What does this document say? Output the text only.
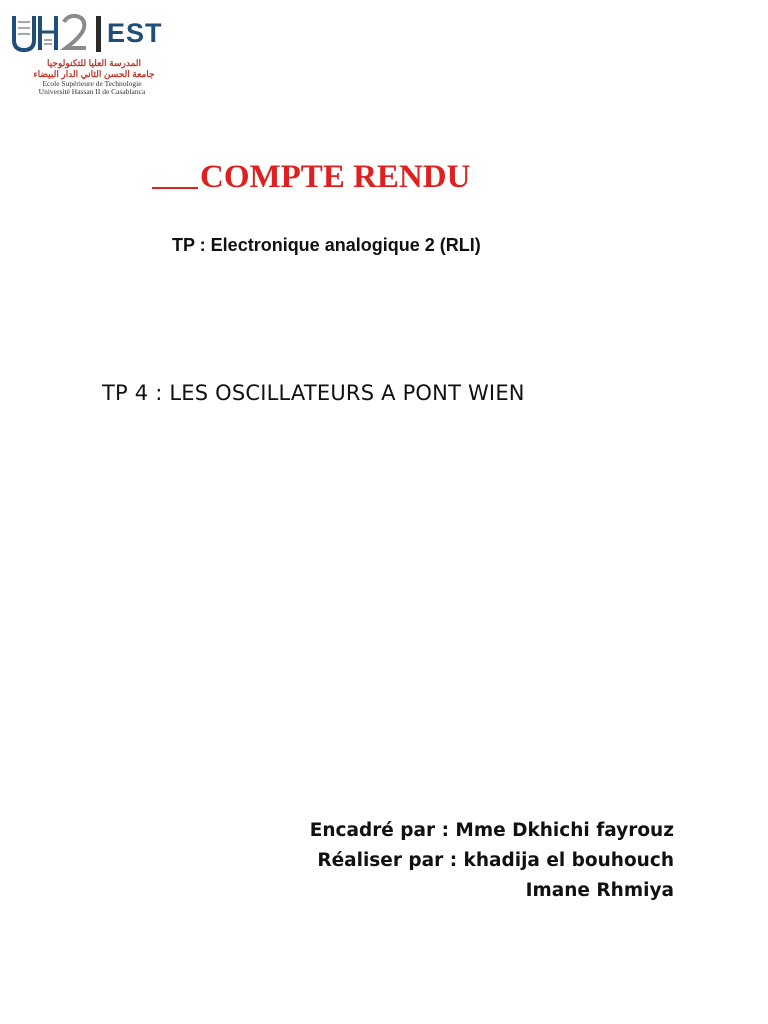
EST
المدرسة العليا للتكنولوجيا
جامعة الحسن الثاني الدار البيضاء
Ecole Supérieure de Technologie
Université Hassan II de Casablanca
COMPTE RENDU
TP : Electronique analogique 2 (RLI)
TP 4 : LES OSCILLATEURS A PONT WIEN
Encadré par : Mme Dkhichi fayrouz
Réaliser par : khadija el bouhouch
Imane Rhmiya
